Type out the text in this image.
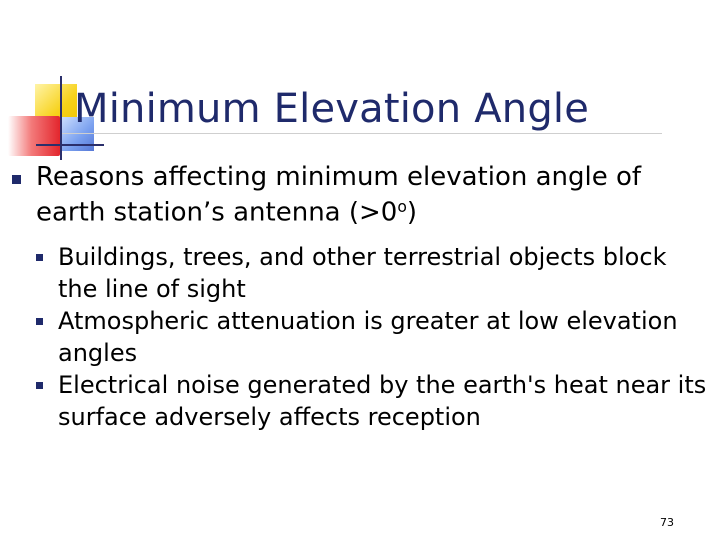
Minimum Elevation Angle
Reasons affecting minimum elevation angle of earth station’s antenna $(>0^o)$
Buildings, trees, and other terrestrial objects block the line of sight
Atmospheric attenuation is greater at low elevation angles
Electrical noise generated by the earth's heat near its surface adversely affects reception
73
